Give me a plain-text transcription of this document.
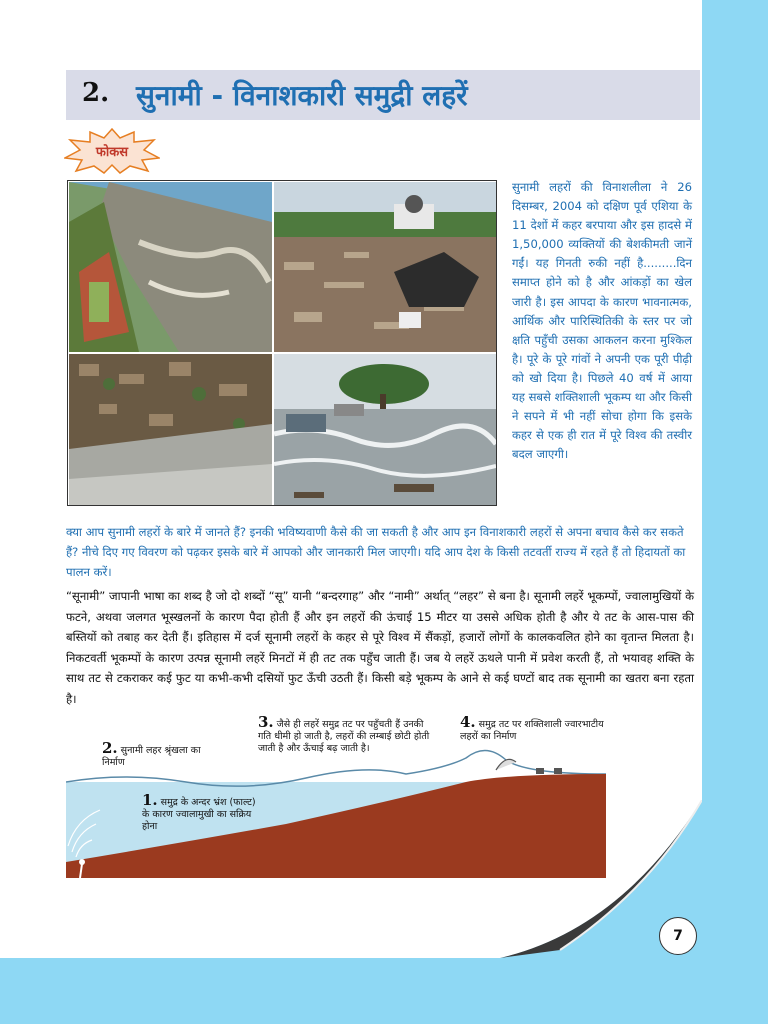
2. सुनामी - विनाशकारी समुद्री लहरें
फोकस

सुनामी लहरों की विनाशलीला ने 26 दिसम्बर, 2004 को दक्षिण पूर्व एशिया के 11 देशों में कहर बरपाया और इस हादसे में 1,50,000 व्यक्तियों की बेशकीमती जानें गईं। यह गिनती रुकी नहीं है.........दिन समाप्त होने को है और आंकड़ों का खेल जारी है। इस आपदा के कारण भावनात्मक, आर्थिक और पारिस्थितिकी के स्तर पर जो क्षति पहुँची उसका आकलन करना मुश्किल है। पूरे के पूरे गांवों ने अपनी एक पूरी पीढ़ी को खो दिया है। पिछले 40 वर्ष में आया यह सबसे शक्तिशाली भूकम्प था और किसी ने सपने में भी नहीं सोचा होगा कि इसके कहर से एक ही रात में पूरे विश्व की तस्वीर बदल जाएगी।

क्या आप सुनामी लहरों के बारे में जानते हैं? इनकी भविष्यवाणी कैसे की जा सकती है और आप इन विनाशकारी लहरों से अपना बचाव कैसे कर सकते हैं? नीचे दिए गए विवरण को पढ़कर इसके बारे में आपको और जानकारी मिल जाएगी। यदि आप देश के किसी तटवर्ती राज्य में रहते हैं तो हिदायतों का पालन करें।

“सूनामी” जापानी भाषा का शब्द है जो दो शब्दों “सू” यानी “बन्दरगाह” और “नामी” अर्थात् “लहर” से बना है। सूनामी लहरें भूकम्पों, ज्वालामुखियों के फटने, अथवा जलगत भूस्खलनों के कारण पैदा होती हैं और इन लहरों की ऊंचाई 15 मीटर या उससे अधिक होती है और ये तट के आस-पास की बस्तियों को तबाह कर देती हैं। इतिहास में दर्ज सूनामी लहरों के कहर से पूरे विश्व में सैंकड़ों, हजारों लोगों के कालकवलित होने का वृतान्त मिलता है। निकटवर्ती भूकम्पों के कारण उत्पन्न सूनामी लहरें मिनटों में ही तट तक पहुँच जाती हैं। जब ये लहरें ऊथले पानी में प्रवेश करती हैं, तो भयावह शक्ति के साथ तट से टकराकर कई फुट या कभी-कभी दसियों फुट ऊँची उठती हैं। किसी बड़े भूकम्प के आने से कई घण्टों बाद तक सूनामी का खतरा बना रहता है।

1. समुद्र के अन्दर भ्रंश (फाल्ट) के कारण ज्वालामुखी का सक्रिय होना
2. सुनामी लहर श्रृंखला का निर्माण
3. जैसे ही लहरें समुद्र तट पर पहुँचती हैं उनकी गति धीमी हो जाती है, लहरों की लम्बाई छोटी होती जाती है और ऊँचाई बढ़ जाती है।
4. समुद्र तट पर शक्तिशाली ज्वारभाटीय लहरों का निर्माण
7
